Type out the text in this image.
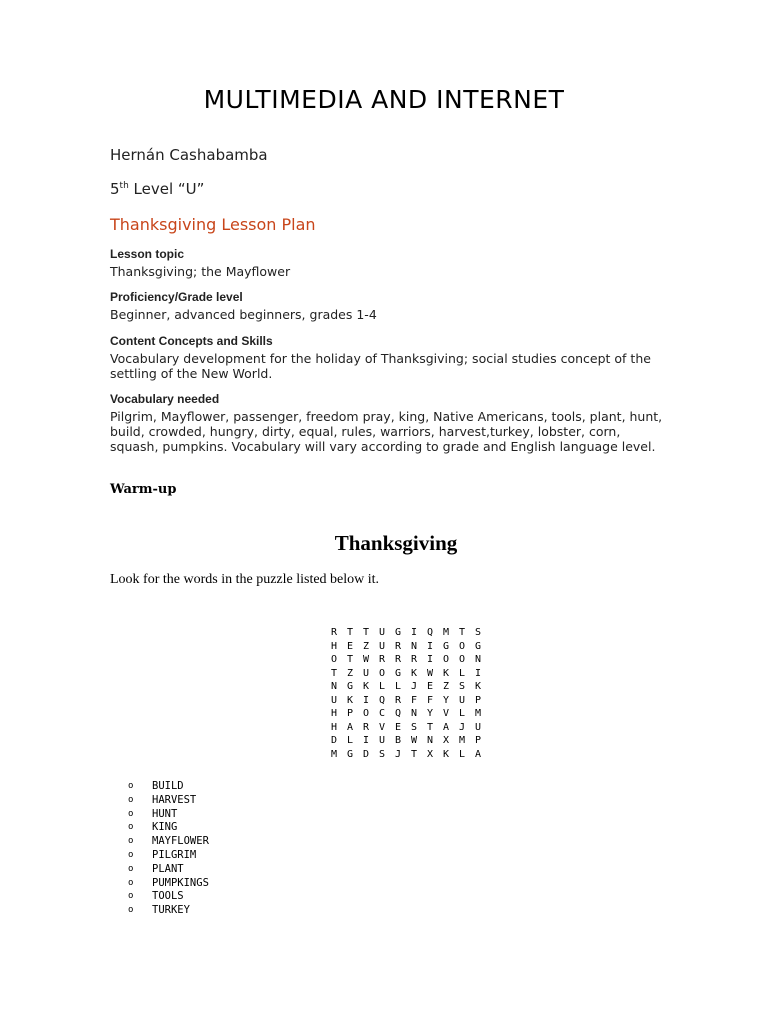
MULTIMEDIA AND INTERNET
Hernán Cashabamba
5th Level “U”
Thanksgiving Lesson Plan

Lesson topic

Thanksgiving; the Mayflower

Proficiency/Grade level

Beginner, advanced beginners, grades 1-4

Content Concepts and Skills

Vocabulary development for the holiday of Thanksgiving; social studies concept of the settling of the New World.

Vocabulary needed

Pilgrim, Mayflower, passenger, freedom pray, king, Native Americans, tools, plant, hunt, build, crowded, hungry, dirty, equal, rules, warriors, harvest,turkey, lobster, corn, squash, pumpkins. Vocabulary will vary according to grade and English language level.

Warm-up
Thanksgiving
Look for the words in the puzzle listed below it.
R T T U G I Q M T S
H E Z U R N I G O G
O T W R R R I O O N
T Z U O G K W K L I
N G K L L J E Z S K
U K I Q R F F Y U P
H P O C Q N Y V L M
H A R V E S T A J U
D L I U B W N X M P
M G D S J T X K L A
o	BUILD
o	HARVEST
o	HUNT
o	KING
o	MAYFLOWER
o	PILGRIM
o	PLANT
o	PUMPKINGS
o	TOOLS
o	TURKEY
